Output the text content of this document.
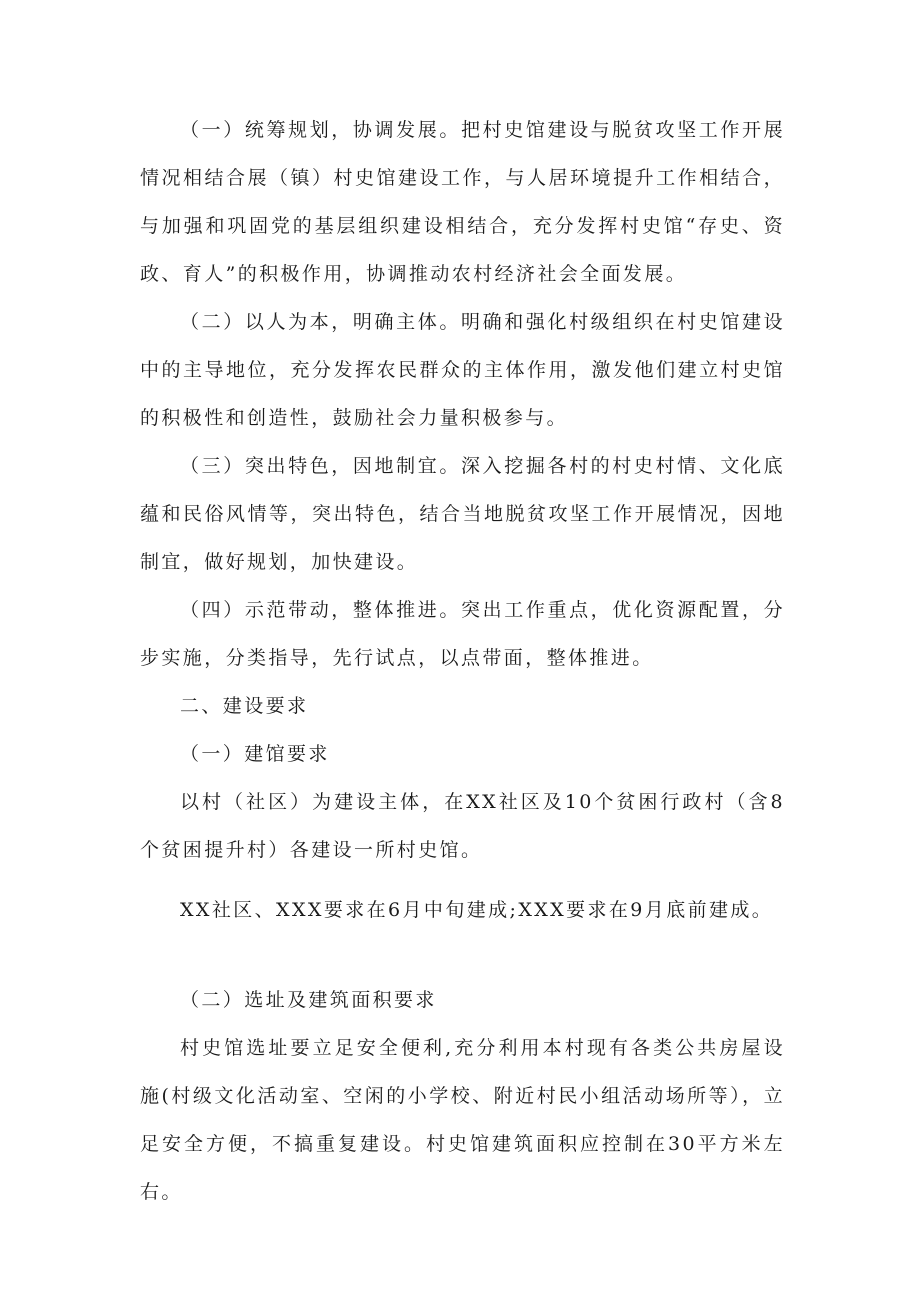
（一）统筹规划，协调发展。把村史馆建设与脱贫攻坚工作开展情况相结合展（镇）村史馆建设工作，与人居环境提升工作相结合，与加强和巩固党的基层组织建设相结合，充分发挥村史馆“存史、资政、育人”的积极作用，协调推动农村经济社会全面发展。

（二）以人为本，明确主体。明确和强化村级组织在村史馆建设中的主导地位，充分发挥农民群众的主体作用，激发他们建立村史馆的积极性和创造性，鼓励社会力量积极参与。

（三）突出特色，因地制宜。深入挖掘各村的村史村情、文化底蕴和民俗风情等，突出特色，结合当地脱贫攻坚工作开展情况，因地制宜，做好规划，加快建设。

（四）示范带动，整体推进。突出工作重点，优化资源配置，分步实施，分类指导，先行试点，以点带面，整体推进。

二、建设要求

（一）建馆要求

以村（社区）为建设主体，在XX社区及10个贫困行政村（含8个贫困提升村）各建设一所村史馆。

XX社区、XXX要求在6月中旬建成;XXX要求在9月底前建成。

（二）选址及建筑面积要求

村史馆选址要立足安全便利,充分利用本村现有各类公共房屋设施(村级文化活动室、空闲的小学校、附近村民小组活动场所等），立足安全方便，不搞重复建设。村史馆建筑面积应控制在30平方米左右。
